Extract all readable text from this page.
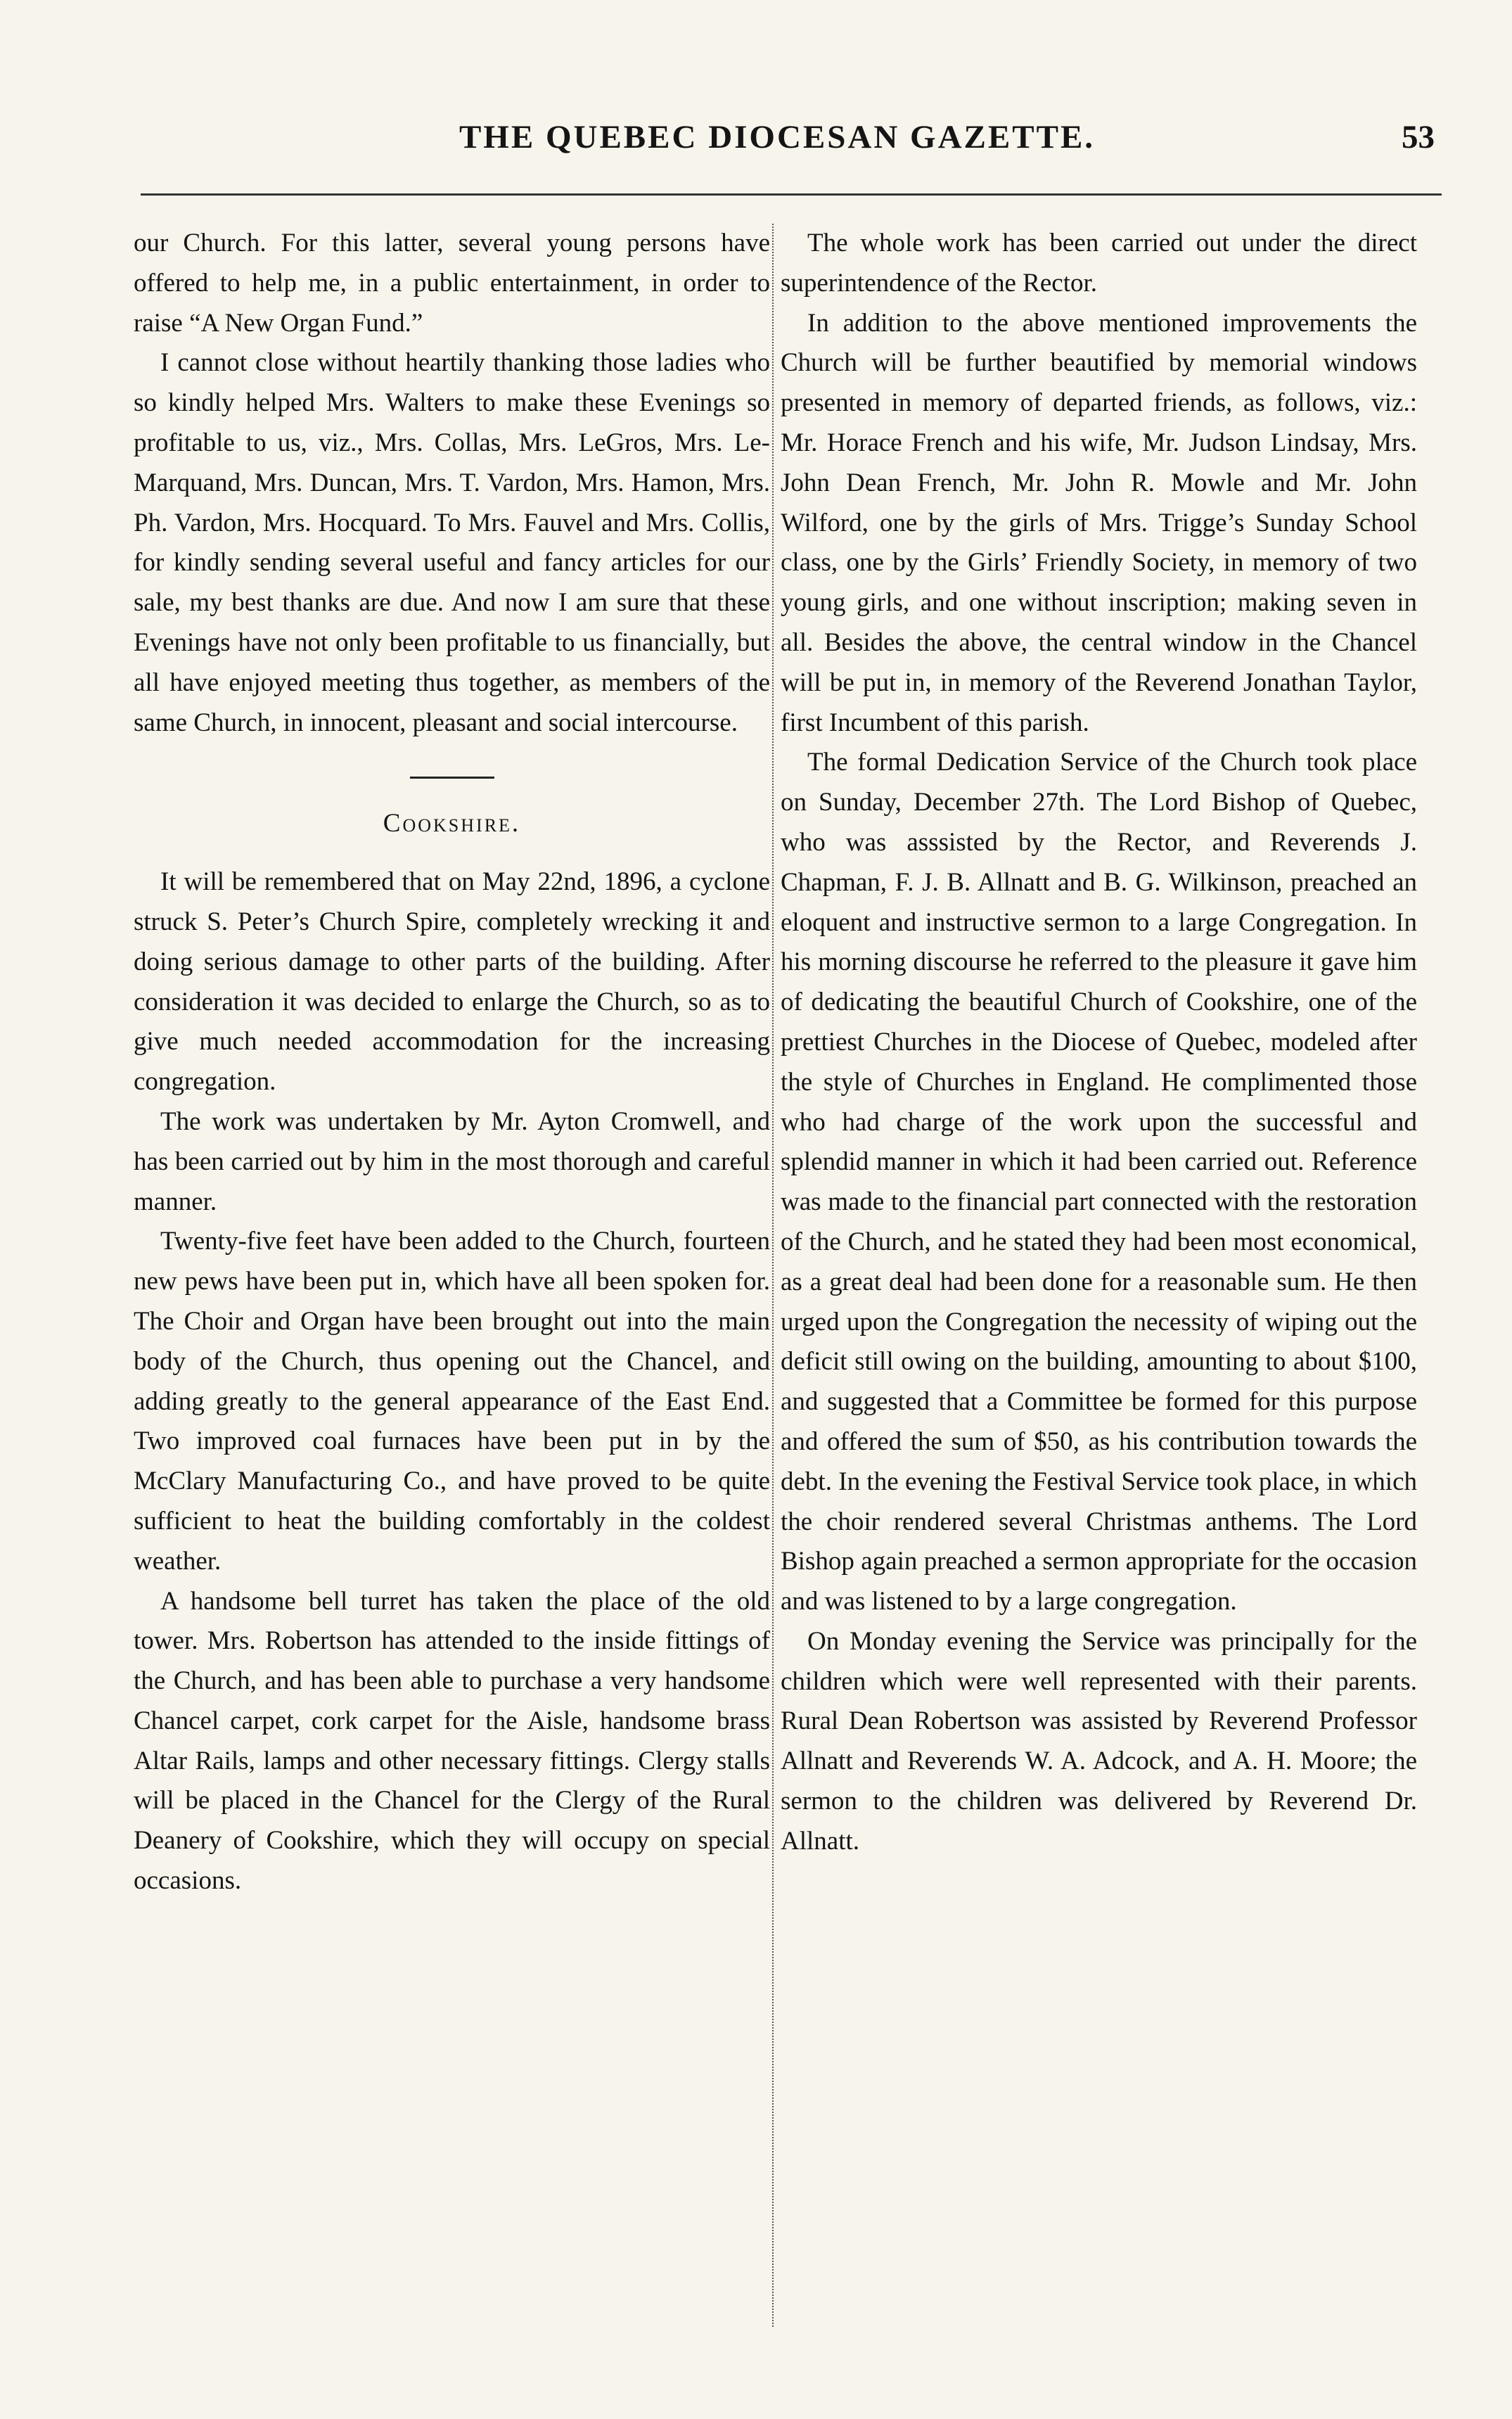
THE QUEBEC DIOCESAN GAZETTE.	53

our Church. For this latter, several young persons have offered to help me, in a public entertainment, in order to raise “A New Organ Fund.”

I cannot close without heartily thanking those ladies who so kindly helped Mrs. Walters to make these Evenings so profitable to us, viz., Mrs. Collas, Mrs. LeGros, Mrs. Le-Marquand, Mrs. Duncan, Mrs. T. Vardon, Mrs. Hamon, Mrs. Ph. Vardon, Mrs. Hocquard. To Mrs. Fauvel and Mrs. Collis, for kindly sending several useful and fancy articles for our sale, my best thanks are due. And now I am sure that these Evenings have not only been profitable to us financially, but all have enjoyed meeting thus together, as members of the same Church, in innocent, pleasant and social intercourse.

Cookshire.

It will be remembered that on May 22nd, 1896, a cyclone struck S. Peter’s Church Spire, completely wrecking it and doing serious damage to other parts of the building. After consideration it was decided to enlarge the Church, so as to give much needed accommodation for the increasing congregation.

The work was undertaken by Mr. Ayton Cromwell, and has been carried out by him in the most thorough and careful manner.

Twenty-five feet have been added to the Church, fourteen new pews have been put in, which have all been spoken for. The Choir and Organ have been brought out into the main body of the Church, thus opening out the Chancel, and adding greatly to the general appearance of the East End. Two improved coal furnaces have been put in by the McClary Manufacturing Co., and have proved to be quite sufficient to heat the building comfortably in the coldest weather.

A handsome bell turret has taken the place of the old tower. Mrs. Robertson has attended to the inside fittings of the Church, and has been able to purchase a very handsome Chancel carpet, cork carpet for the Aisle, handsome brass Altar Rails, lamps and other necessary fittings. Clergy stalls will be placed in the Chancel for the Clergy of the Rural Deanery of Cookshire, which they will occupy on special occasions.

The whole work has been carried out under the direct superintendence of the Rector.

In addition to the above mentioned improvements the Church will be further beautified by memorial windows presented in memory of departed friends, as follows, viz.: Mr. Horace French and his wife, Mr. Judson Lindsay, Mrs. John Dean French, Mr. John R. Mowle and Mr. John Wilford, one by the girls of Mrs. Trigge’s Sunday School class, one by the Girls’ Friendly Society, in memory of two young girls, and one without inscription; making seven in all. Besides the above, the central window in the Chancel will be put in, in memory of the Reverend Jonathan Taylor, first Incumbent of this parish.

The formal Dedication Service of the Church took place on Sunday, December 27th. The Lord Bishop of Quebec, who was asssisted by the Rector, and Reverends J. Chapman, F. J. B. Allnatt and B. G. Wilkinson, preached an eloquent and instructive sermon to a large Congregation. In his morning discourse he referred to the pleasure it gave him of dedicating the beautiful Church of Cookshire, one of the prettiest Churches in the Diocese of Quebec, modeled after the style of Churches in England. He complimented those who had charge of the work upon the successful and splendid manner in which it had been carried out. Reference was made to the financial part connected with the restoration of the Church, and he stated they had been most economical, as a great deal had been done for a reasonable sum. He then urged upon the Congregation the necessity of wiping out the deficit still owing on the building, amounting to about $100, and suggested that a Committee be formed for this purpose and offered the sum of $50, as his contribution towards the debt. In the evening the Festival Service took place, in which the choir rendered several Christmas anthems. The Lord Bishop again preached a sermon appropriate for the occasion and was listened to by a large congregation.

On Monday evening the Service was principally for the children which were well represented with their parents. Rural Dean Robertson was assisted by Reverend Professor Allnatt and Reverends W. A. Adcock, and A. H. Moore; the sermon to the children was delivered by Reverend Dr. Allnatt.
